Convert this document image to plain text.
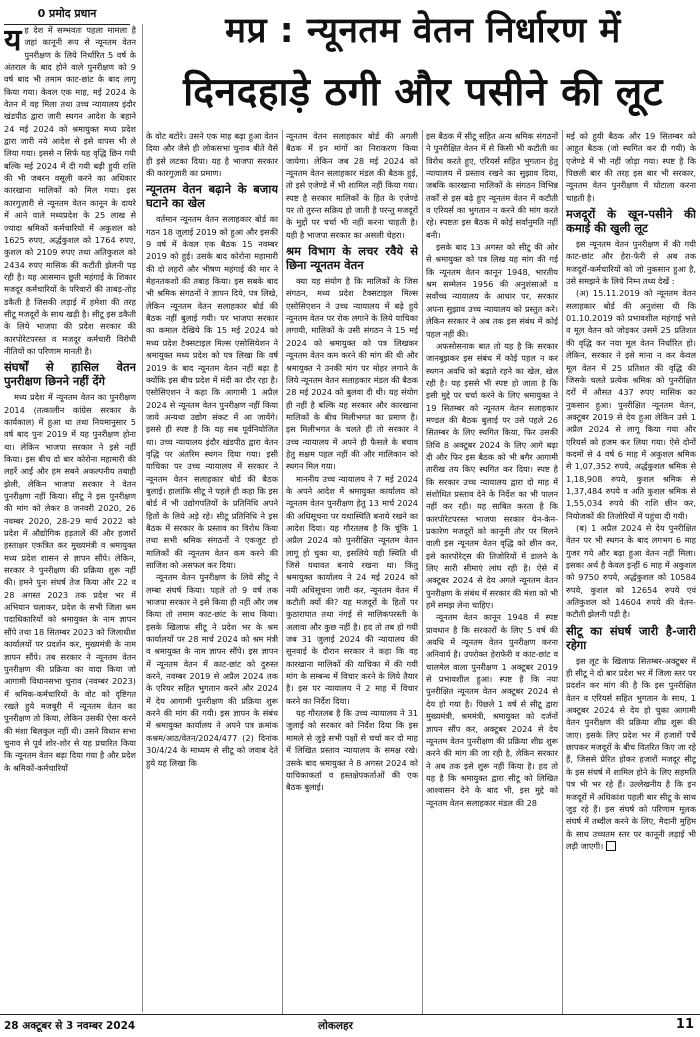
0 प्रमोद प्रधान	मप्र : न्यूनतम वेतन निर्धारण में
दिनदहाड़े ठगी और पसीने की लूट
य ह देश में सम्भवतः पहला मामला है जहां कानूनी रूप से न्यूनतम वेतन पुनरीक्षण के लिये निर्धारित 5 वर्ष के अंतराल के बाद होने वाले पुनरीक्षण को 9 वर्ष बाद भी तमाम काट-छांट के बाद लागू किया गया। केवल एक माह, मई 2024 के वेतन में वह मिला तथा उच्च न्यायालय इंदौर खंडपीठ द्वारा जारी स्थगन आदेश के बहाने 24 मई 2024 को श्रमायुक्त मध्य प्रदेश द्वारा जारी नये आदेश से इसे वापस भी ले लिया गया। इससे न सिर्फ यह वृद्धि छिन गयी बल्कि मई 2024 में दी गयी बढ़ी हुयी राशि की भी जबरन वसूली करने का अधिकार कारखाना मालिकों को मिल गया। इस कारगुज़ारी से न्यूनतम वेतन कानून के दायरे में आने वाले मध्यप्रदेश के 25 लाख से ज्यादा श्रमिकों कर्मचारियों में अकुशल को 1625 रुपए, अर्द्धकुशल को 1764 रुपए, कुशल को 2109 रुपए तथा अतिकुशल को 2434 रुपए मासिक की कटौती झेलनी पड़ रही है। यह आसमान छूती महंगाई के शिकार मजदूर कर्मचारियों के परिवारों की ताबड़-तोड़ डकैती है जिसकी लड़ाई में हमेशा की तरह सीटू मजदूरों के साथ खड़ी है। सीटू इस डकैती के लिये भाजपा की प्रदेश सरकार की कारपोरेटपरस्त व मजदूर कर्मचारी विरोधी नीतियों का परिणाम मानती है।

संघर्षों से हासिल वेतन पुनरीक्षण छिनने नहीं देंगे

मध्य प्रदेश में न्यूनतम वेतन का पुनरीक्षण 2014 (तत्कालीन कांग्रेस सरकार के कार्यकाल) में हुआ था तथा नियमानुसार 5 वर्ष बाद पुनः 2019 में यह पुनरीक्षण होना था। लेकिन भाजपा सरकार ने इसे नहीं किया। इस बीच दो बार कोरोना महामारी की लहरें आईं और हम सबने अकल्पनीय तबाही झेली, लेकिन भाजपा सरकार ने वेतन पुनरीक्षण नहीं किया। सीटू ने इस पुनरीक्षण की मांग को लेकर 8 जनवरी 2020, 26 नवम्बर 2020, 28-29 मार्च 2022 को प्रदेश में औद्योगिक हड़तालें कीं और हजारों हस्ताक्षर एकत्रित कर मुख्यमंत्री व श्रमायुक्त मध्य प्रदेश शासन से ज्ञापन सौंपे। लेकिन, सरकार ने पुनरीक्षण की प्रक्रिया शुरू नहीं की। हमने पुनः संघर्ष तेज किया और 22 व 28 अगस्त 2023 तक प्रदेश भर में अभियान चलाकर, प्रदेश के सभी जिला श्रम पदाधिकारियों को श्रमायुक्त के नाम ज्ञापन सौंपे तथा 18 सितम्बर 2023 को जिलाधीश कार्यालयों पर प्रदर्शन कर, मुख्यमंत्री के नाम ज्ञापन सौंपे। तब सरकार ने न्यूनतम वेतन पुनरीक्षण की प्रक्रिया का वादा किया जो आगामी विधानसभा चुनाव (नवम्बर 2023) में श्रमिक-कर्मचारियों के वोट को दृष्टिगत रखते हुये मजबूरी में न्यूनतम वेतन का पुनरीक्षण तो किया, लेकिन उसकी ऐसा करने की मंशा बिलकुल नहीं थी। उसने विधान सभा चुनाव से पूर्व शोर-शोर से यह प्रचारित किया कि न्यूनतम वेतन बढ़ा दिया गया है और प्रदेश के श्रमिकों-कर्मचारियों

के वोट बटोरे। उसने एक माह बढ़ा हुआ वेतन दिया और जैसे ही लोकसभा चुनाव बीते वैसे ही इसे लटका दिया। यह है भाजपा सरकार की कारगुज़ारी का प्रमाण।

न्यूनतम वेतन बढ़ाने के बजाय घटाने का खेल

वर्तमान न्यूनतम वेतन सलाहकार बोर्ड का गठन 18 जुलाई 2019 को हुआ और इसकी 9 वर्ष में केवल एक बैठक 15 नवम्बर 2019 को हुई। उसके बाद कोरोना महामारी की दो लहरों और भीषण महंगाई की मार ने मेहनतकशों की तबाह किया। इस सबके बाद भी श्रमिक संगठनों ने ज्ञापन दिये, पत्र लिखे, लेकिन न्यूनतम वेतन सलाहकार बोर्ड की बैठक नहीं बुलाई गयी। पर भाजपा सरकार का कमाल देखिये कि 15 मई 2024 को मध्य प्रदेश टैक्सटाइल मिल्स एसोसियेशन ने श्रमायुक्त मध्य प्रदेश को पत्र लिखा कि वर्ष 2019 के बाद न्यूनतम वेतन नहीं बढ़ा है क्योंकि इस बीच प्रदेश में मंदी का दौर रहा है। एसोसिएशन ने कहा कि आगामी 1 अप्रैल 2024 से न्यूनतम वेतन पुनरीक्षण नहीं किया जाये अन्यथा उद्योग संकट में आ जायेंगे। इससे ही स्पष्ट है कि यह सब पूर्वनियोजित था। उच्च न्यायालय इंदौर खंडपीठ द्वारा वेतन वृद्धि पर अंतरिम स्थगन दिया गया। इसी याचिका पर उच्च न्यायालय में सरकार ने न्यूनतम वेतन सलाहकार बोर्ड की बैठक बुलाई। हालांकि सीटू ने पहले ही कहा कि इस बोर्ड में भी उद्योगपतियों के प्रतिनिधि अपने हितों के लिये अड़े रहे। सीटू प्रतिनिधि ने इस बैठक में सरकार के प्रस्ताव का विरोध किया तथा सभी श्रमिक संगठनों ने एकजुट हो मालिकों की न्यूनतम वेतन कम करने की साजिश को असफल कर दिया।

न्यूनतम वेतन पुनरीक्षण के लिये सीटू ने लम्बा संघर्ष किया। पहले तो 9 वर्ष तक भाजपा सरकार ने इसे किया ही नहीं और जब किया तो तमाम काट-छांट के साथ किया। इसके खिलाफ सीटू ने प्रदेश भर के श्रम कार्यालयों पर 28 मार्च 2024 को श्रम मंत्री व श्रमायुक्त के नाम ज्ञापन सौंपे। इस ज्ञापन में न्यूनतम वेतन में काट-छांट को दुरुस्त करने, नवम्बर 2019 से अप्रैल 2024 तक के एरियर सहित भुगतान करने और 2024 में देय आगामी पुनरीक्षण की प्रक्रिया शुरू करने की मांग की गयी। इस ज्ञापन के संबंध में श्रमायुक्त कार्यालय ने अपने पत्र क्रमांक कश्रम/आठ/वेतन/2024/477 (2) दिनांक 30/4/24 के माध्यम से सीटू को जवाब देते हुये यह लिखा कि

न्यूनतम वेतन सलाहकार बोर्ड की अगली बैठक में इन मांगों का निराकरण किया जायेगा। लेकिन जब 28 मई 2024 को न्यूनतम वेतन सलाहकार मंडल की बैठक हुई, तो इसे एजेण्डे में भी शामिल नहीं किया गया। स्पष्ट है सरकार मालिकों के हित के एजेण्डे पर तो तुरन्त सक्रिय हो जाती है परन्तु मजदूरों के मुद्दों पर चर्चा भी नहीं करना चाहती है। यही है भाजपा सरकार का असली चेहरा।

श्रम विभाग के लचर रवैये से छिना न्यूनतम वेतन

क्या यह संयोग है कि मालिकों के जिस संगठन, मध्य प्रदेश टैक्सटाइल मिल्स एसोसिएशन ने उच्च न्यायालय में बढ़े हुये न्यूनतम वेतन पर रोक लगाने के लिये याचिका लगायी, मालिकों के उसी संगठन ने 15 मई 2024 को श्रमायुक्त को पत्र लिखकर न्यूनतम वेतन कम करने की मांग की थी और श्रमायुक्त ने उनकी मांग पर मोहर लगाने के लिये न्यूनतम वेतन सलाहकार मंडल की बैठक 28 मई 2024 को बुलवा दी थी। यह संयोग ही नहीं है बल्कि यह सरकार और कारखाना मालिकों के बीच मिलीभगत का प्रमाण है। इस मिलीभगत के चलते ही तो सरकार ने उच्च न्यायालय में अपने ही फैसले के बचाव हेतु सक्षम पहल नहीं की और मालिकान को स्थगन मिल गया।

माननीय उच्च न्यायालय ने 7 मई 2024 के अपने आदेश में श्रमायुक्त कार्यालय को न्यूनतम वेतन पुनरीक्षण हेतु 13 मार्च 2024 की अधिसूचना पर यथास्थिति बनाये रखने का आदेश दिया। यह गौरतलब है कि चूंकि 1 अप्रैल 2024 को पुनरीक्षित न्यूनतम वेतन लागू हो चुका था, इसलिये यही स्थिति थी जिसे यथावत बनाये रखना था। किंतु श्रमायुक्त कार्यालय ने 24 मई 2024 को नयी अधिसूचना जारी कर, न्यूनतम वेतन में कटौती क्यों की? यह मजदूरों के हितों पर कुठाराघात तथा नंगई से मालिकपरस्ती के अलावा और कुछ नहीं है। हद तो तब हो गयी जब 31 जुलाई 2024 की न्यायालय की सुनवाई के दौरान सरकार ने कहा कि वह कारखाना मालिकों की याचिका में की गयी मांग के सम्बन्ध में विचार करने के लिये तैयार है। इस पर न्यायालय ने 2 माह में विचार करने का निर्देश दिया।

यह गौरतलब है कि उच्च न्यायालय ने 31 जुलाई को सरकार को निर्देश दिया कि इस मामले से जुड़े सभी पक्षों से चर्चा कर दो माह में लिखित प्रस्ताव न्यायालय के समक्ष रखे। उसके बाद श्रमायुक्त ने 8 अगस्त 2024 को याचिकाकर्ता व हस्तक्षेपकर्ताओं की एक बैठक बुलाई।

इस बैठक में सीटू सहित अन्य श्रमिक संगठनों ने पुनरीक्षित वेतन में से किसी भी कटौती का विरोध करते हुए, एरियर्स सहित भुगतान हेतु न्यायालय में प्रस्ताव रखने का सुझाव दिया, जबकि कारखाना मालिकों के संगठन विभिन्न तर्कों से इस बढ़े हुए न्यूनतम वेतन में कटौती व एरियर्स का भुगतान न करने की मांग करते रहे। स्पष्टतः इस बैठक में कोई सर्वानुमति नहीं बनी।

इसके बाद 13 अगस्त को सीटू की ओर से श्रमायुक्त को पत्र लिख यह मांग की गई कि न्यूनतम वेतन कानून 1948, भारतीय श्रम सम्मेलन 1956 की अनुशंसाओं व सर्वोच्च न्यायालय के आधार पर, सरकार अपना सुझाव उच्च न्यायालय को प्रस्तुत करे। लेकिन सरकार ने अब तक इस संबंध में कोई पहल नहीं की।

अफसोसनाक बात तो यह है कि सरकार जानबूझकर इस संबंध में कोई पहल न कर स्थगन अवधि को बढ़ाते रहने का खेल, खेल रही है। यह इससे भी स्पष्ट हो जाता है कि इसी मुद्दे पर चर्चा करने के लिए श्रमायुक्त ने 19 सितम्बर को न्यूनतम वेतन सलाहकार मण्डल की बैठक बुलाई पर उसे पहले 26 सितम्बर के लिए स्थगित किया, फिर उसकी तिथि 8 अक्टूबर 2024 के लिए आगे बढ़ा दी और फिर इस बैठक को भी बगैर आगामी तारीख तय किए स्थगित कर दिया। स्पष्ट है कि सरकार उच्च न्यायालय द्वारा दो माह में संशोधित प्रस्ताव देने के निर्देश का भी पालन नहीं कर रही। यह साबित करता है कि कारपोरेटपरस्त भाजपा सरकार येन-केन-प्रकारेण मजदूरों को कानूनी तौर पर मिलने वाली इस न्यूनतम वेतन वृद्धि को छीन कर, इसे कारपोरेट्स की तिजोरियों में डालने के लिए सारी सीमाएं लांघ रही है। ऐसे में अक्टूबर 2024 से देय अगले न्यूनतम वेतन पुनरीक्षण के संबंध में सरकार की मंशा को भी हमें समझ लेना चाहिए।

न्यूनतम वेतन कानून 1948 में स्पष्ट प्रावधान है कि सरकारों के लिए 5 वर्ष की अवधि में न्यूनतम वेतन पुनरीक्षण करना अनिवार्य है। उपरोक्त हेराफेरी व काट-छांट व चालमेल वाला पुनरीक्षण 1 अक्टूबर 2019 से प्रभावशील हुआ। स्पष्ट है कि नया पुनरीक्षित न्यूनतम वेतन अक्टूबर 2024 से देय हो गया है। पिछले 1 वर्ष से सीटू द्वारा मुख्यमंत्री, श्रममंत्री, श्रमायुक्त को दर्जनों ज्ञापन सौंप कर, अक्टूबर 2024 से देय न्यूनतम वेतन पुनरीक्षण की प्रक्रिया शीघ्र शुरू करने की मांग की जा रही है, लेकिन सरकार ने अब तक इसे शुरू नहीं किया है। हद तो यह है कि श्रमायुक्त द्वारा सीटू को लिखित आश्वासन देने के बाद भी, इस मुद्दे को न्यूनतम वेतन सलाहकार मंडल की 28

मई को हुयी बैठक और 19 सितम्बर को आहूत बैठक (जो स्थगित कर दी गयी) के एजेण्डे में भी नहीं जोड़ा गया। स्पष्ट है कि पिछली बार की तरह इस बार भी सरकार, न्यूनतम वेतन पुनरीक्षण में घोटाला करना चाहती है।

मजदूरों के खून-पसीने की कमाई की खुली लूट

इस न्यूनतम वेतन पुनरीक्षण में की गयी काट-छांट और हेरा-फेरी से अब तक मजदूरों-कर्मचारियों को जो नुकसान हुआ है, उसे समझने के लिये निम्न तथ्य देखें :

(अ) 15.11.2019 को न्यूनतम वेतन सलाहकार बोर्ड की अनुशंसा थी कि 01.10.2019 को प्रभावशील महंगाई भत्ते व मूल वेतन को जोड़कर उसमें 25 प्रतिशत की वृद्धि कर नया मूल वेतन निर्धारित हो। लेकिन, सरकार ने इसे माना न कर केवल मूल वेतन में 25 प्रतिशत की वृद्धि की जिसके चलते प्रत्येक श्रमिक को पुनरीक्षित दरों में औसत 437 रुपए मासिक का नुकसान हुआ। पुनरीक्षित न्यूनतम वेतन, अक्टूबर 2019 से देय हुआ लेकिन उसे 1 अप्रैल 2024 से लागू किया गया और एरियर्स को हजम कर लिया गया। ऐसे दोनों कदमों से 4 वर्ष 6 माह में अकुशल श्रमिक से 1,07,352 रुपये, अर्द्धकुशल श्रमिक से 1,18,908 रुपये, कुशल श्रमिक से 1,37,484 रुपये व अति कुशल श्रमिक से 1,55,034 रुपये की राशि छीन कर, नियोजकों की तिजोरियों में पहुंचा दी गयी।

(ब) 1 अप्रैल 2024 से देय पुनरीक्षित वेतन पर भी स्थगन के बाद लगभग 6 माह गुजर गये और बढ़ा हुआ वेतन नहीं मिला। इसका अर्थ है केवल इन्हीं 6 माह में अकुशल को 9750 रुपये, अर्द्धकुशल को 10584 रुपये, कुशल को 12654 रुपये एवं अतिकुशल को 14604 रुपये की वेतन-कटौती झेलनी पड़ी है।

सीटू का संघर्ष जारी है-जारी रहेगा

इस लूट के खिलाफ सितम्बर-अक्टूबर में ही सीटू ने दो बार प्रदेश भर में जिला स्तर पर प्रदर्शन कर मांग की है कि इस पुनरीक्षित वेतन व एरियर्स सहित भुगतान के साथ, 1 अक्टूबर 2024 से देय हो चुका आगामी वेतन पुनरीक्षण की प्रक्रिया शीघ्र शुरू की जाए। इसके लिए प्रदेश भर में हजारों पर्चे छापकर मजदूरों के बीच वितरित किए जा रहे हैं, जिससे प्रेरित होकर हजारों मजदूर सीटू के इस संघर्ष में शामिल होने के लिए सहमति पत्र भी भर रहे हैं। उल्लेखनीय है कि इन मजदूरों में अधिकांश पहली बार सीटू के साथ जुड़ रहे हैं। इस संघर्ष को परिणाम मूलक संघर्ष में तब्दील करने के लिए, मैदानी मुहिम के साथ उच्चतम स्तर पर कानूनी लड़ाई भी लड़ी जाएगी।

28 अक्टूबर से 3 नवम्बर 2024	लोकलहर	11
